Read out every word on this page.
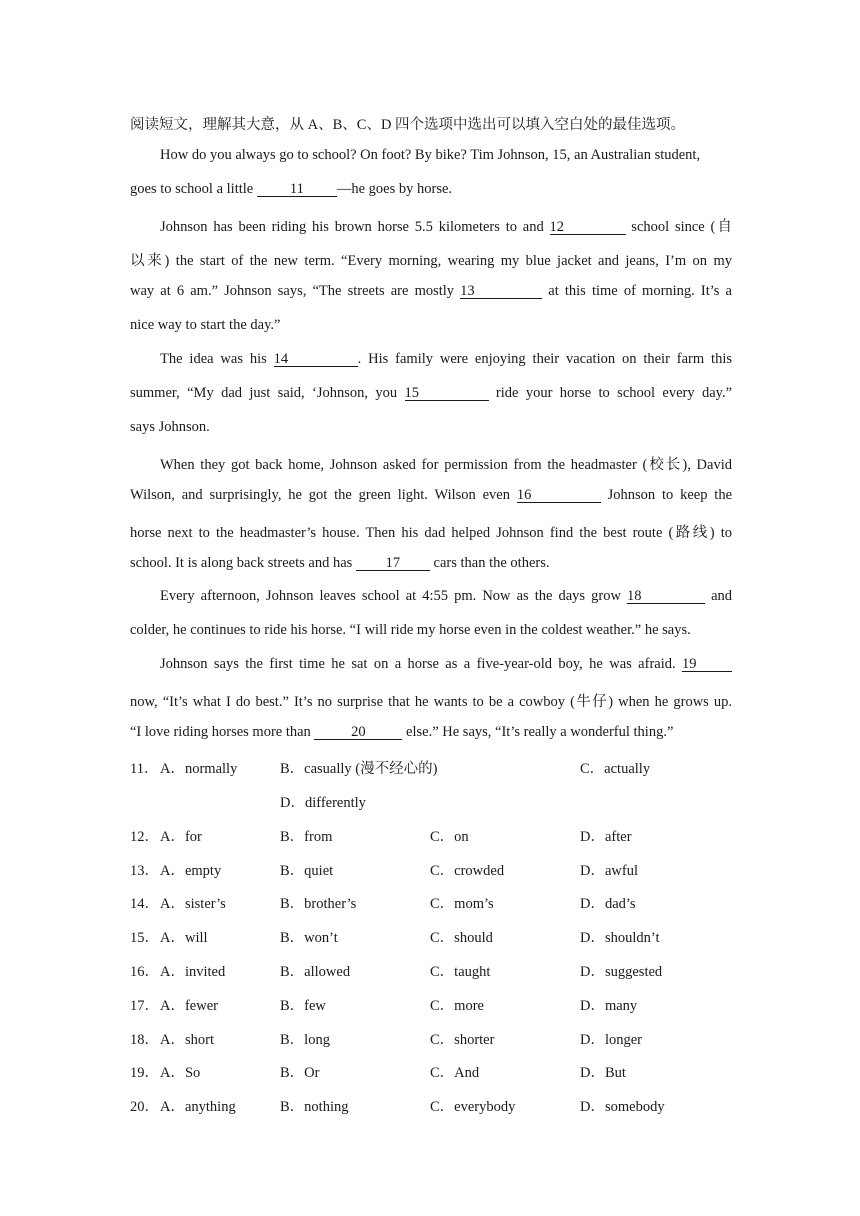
阅读短文，理解其大意，从 A、B、C、D 四个选项中选出可以填入空白处的最佳选项。
How do you always go to school? On foot? By bike? Tim Johnson, 15, an Australian student,
goes to school a little	11 —he goes by horse.
Johnson has been riding his brown horse 5.5 kilometers to and 12	school since (自
以来) the start of the new term. “Every morning, wearing my blue jacket and jeans, I’m on my
way at 6 am.” Johnson says, “The streets are mostly 13	at this time of morning. It’s a
nice way to start the day.”
The idea was his 14	. His family were enjoying their vacation on their farm this
summer, “My dad just said, ‘Johnson, you 15	ride your horse to school every day.”
says Johnson.
When they got back home, Johnson asked for permission from the headmaster (校长), David
Wilson, and surprisingly, he got the green light. Wilson even 16	Johnson to keep the
horse next to the headmaster’s house. Then his dad helped Johnson find the best route (路线) to
school. It is along back streets and has 17 cars than the others.
Every afternoon, Johnson leaves school at 4:55 pm. Now as the days grow 18	and
colder, he continues to ride his horse. “I will ride my horse even in the coldest weather.” he says.
Johnson says the first time he sat on a horse as a five-year-old boy, he was afraid. 19
now, “It’s what I do best.” It’s no surprise that he wants to be a cowboy (牛仔) when he grows up.
“I love riding horses more than	20	else.” He says, “It’s really a wonderful thing.”
11． A．normally	B．casually (漫不经心的)	C．actually
D．differently
12． A．for	B．from	C．on	D．after
13． A．empty	B．quiet	C．crowded	D．awful
14． A．sister’s	B．brother’s	C．mom’s	D．dad’s
15． A．will	B．won’t	C．should	D．shouldn’t
16． A．invited	B．allowed	C．taught	D．suggested
17． A．fewer	B．few	C．more	D．many
18． A．short	B．long	C．shorter	D．longer
19． A．So	B．Or	C．And	D．But
20． A．anything	B．nothing	C．everybody	D．somebody
